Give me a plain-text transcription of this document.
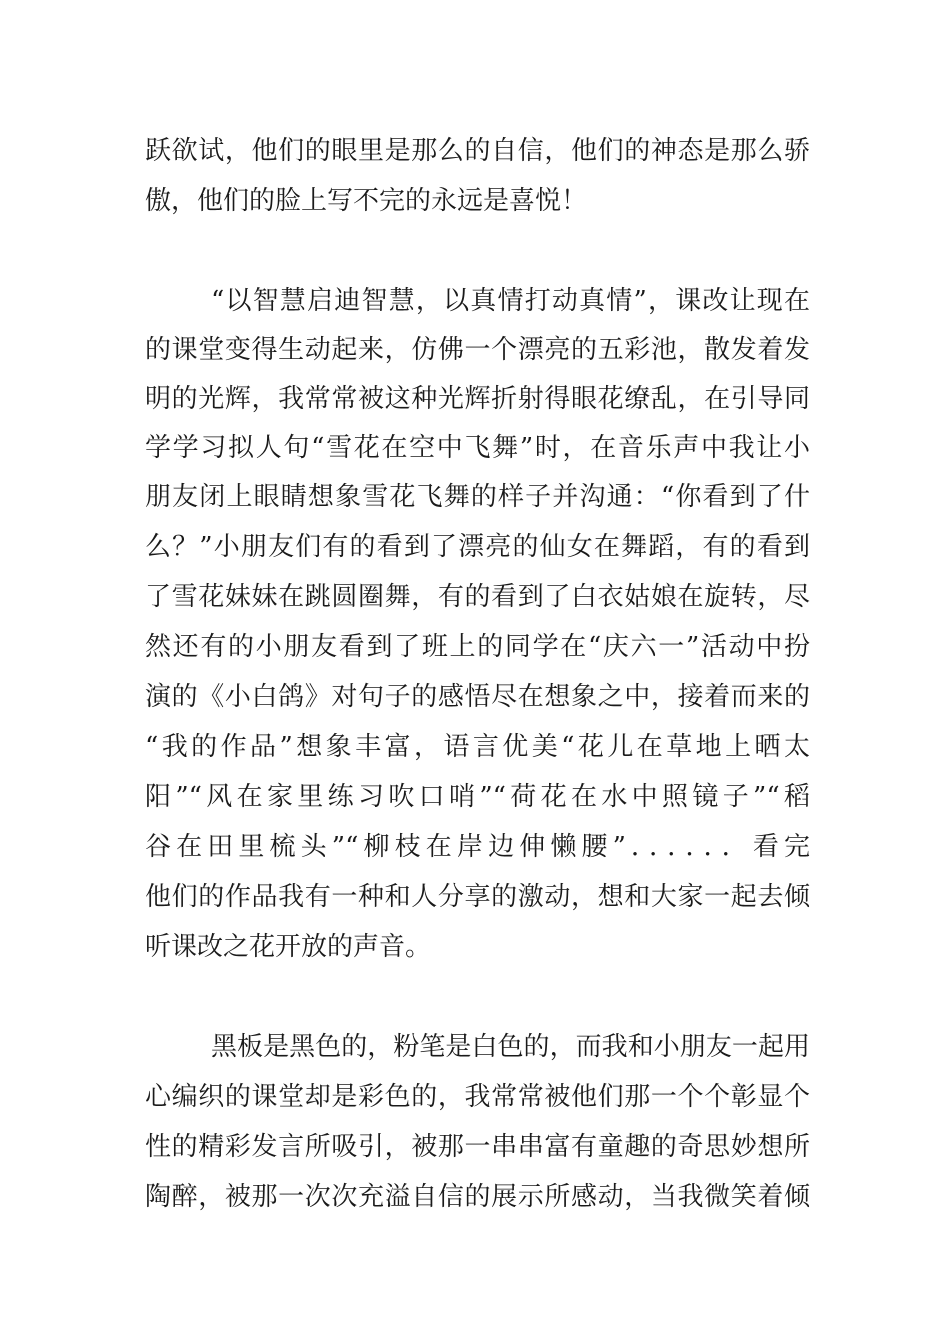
跃欲试，他们的眼里是那么的自信，他们的神态是那么骄

傲，他们的脸上写不完的永远是喜悦！

“以智慧启迪智慧，以真情打动真情”，课改让现在

的课堂变得生动起来，仿佛一个漂亮的五彩池，散发着发

明的光辉，我常常被这种光辉折射得眼花缭乱，在引导同

学学习拟人句“雪花在空中飞舞”时，在音乐声中我让小

朋友闭上眼睛想象雪花飞舞的样子并沟通：“你看到了什

么？”小朋友们有的看到了漂亮的仙女在舞蹈，有的看到

了雪花妹妹在跳圆圈舞，有的看到了白衣姑娘在旋转，尽

然还有的小朋友看到了班上的同学在“庆六一”活动中扮

演的《小白鸽》对句子的感悟尽在想象之中，接着而来的

“我的作品”想象丰富，语言优美“花儿在草地上晒太

阳”“风在家里练习吹口哨”“荷花在水中照镜子”“稻

谷在田里梳头”“柳枝在岸边伸懒腰”．．．．．．看完

他们的作品我有一种和人分享的激动，想和大家一起去倾

听课改之花开放的声音。

黑板是黑色的，粉笔是白色的，而我和小朋友一起用

心编织的课堂却是彩色的，我常常被他们那一个个彰显个

性的精彩发言所吸引，被那一串串富有童趣的奇思妙想所

陶醉，被那一次次充溢自信的展示所感动，当我微笑着倾
